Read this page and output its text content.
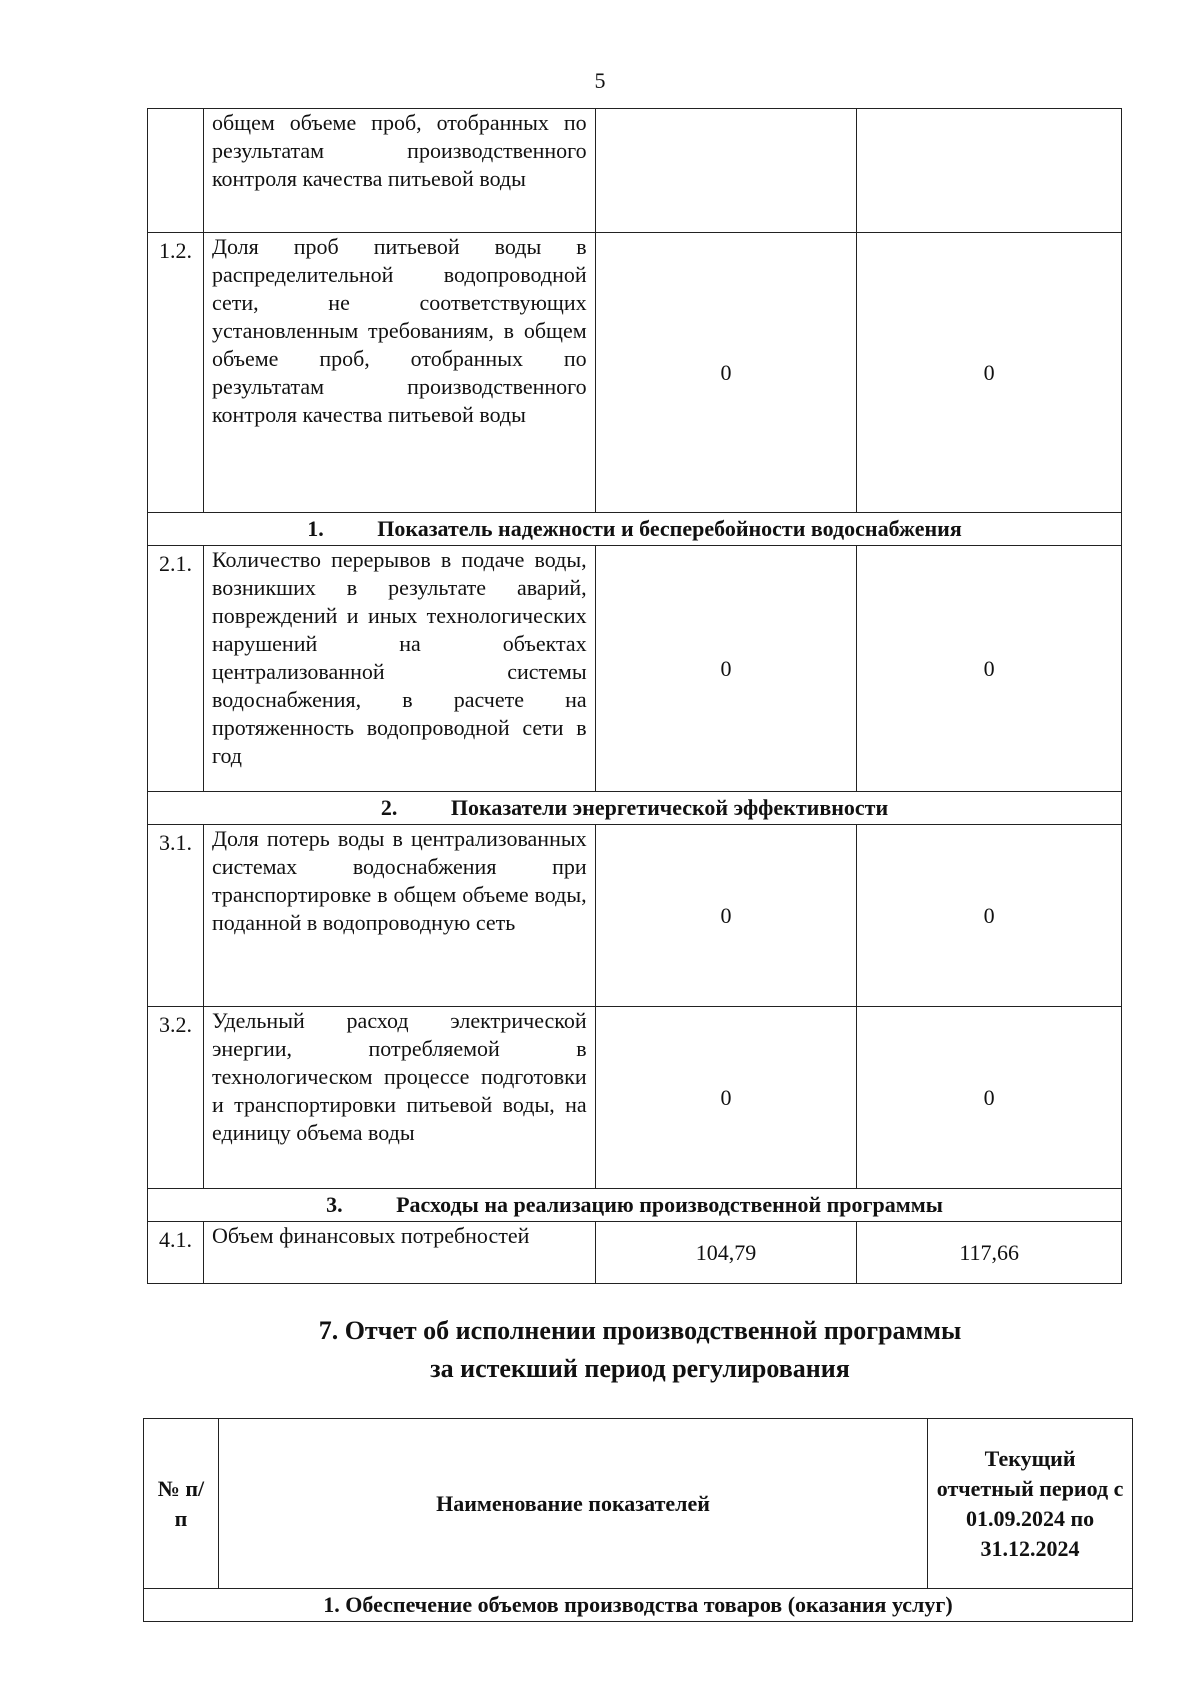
5
	общем объеме проб, отобранных по результатам производственного контроля качества питьевой воды		
1.2.	Доля проб питьевой воды в распределительной водопроводной сети, не соответствующих установленным требованиям, в общем объеме проб, отобранных по результатам производственного контроля качества питьевой воды	0	0
1. Показатель надежности и бесперебойности водоснабжения			
2.1.	Количество перерывов в подаче воды, возникших в результате аварий, повреждений и иных технологических нарушений на объектах централизованной системы водоснабжения, в расчете на протяженность водопроводной сети в год	0	0
2. Показатели энергетической эффективности			
3.1.	Доля потерь воды в централизованных системах водоснабжения при транспортировке в общем объеме воды, поданной в водопроводную сеть	0	0
3.2.	Удельный расход электрической энергии, потребляемой в технологическом процессе подготовки и транспортировки питьевой воды, на единицу объема воды	0	0
3. Расходы на реализацию производственной программы			
4.1.	Объем финансовых потребностей	104,79	117,66
7. Отчет об исполнении производственной программы
за истекший период регулирования
№ п/п	Наименование показателей	Текущий отчетный период с 01.09.2024 по 31.12.2024
1. Обеспечение объемов производства товаров (оказания услуг)
